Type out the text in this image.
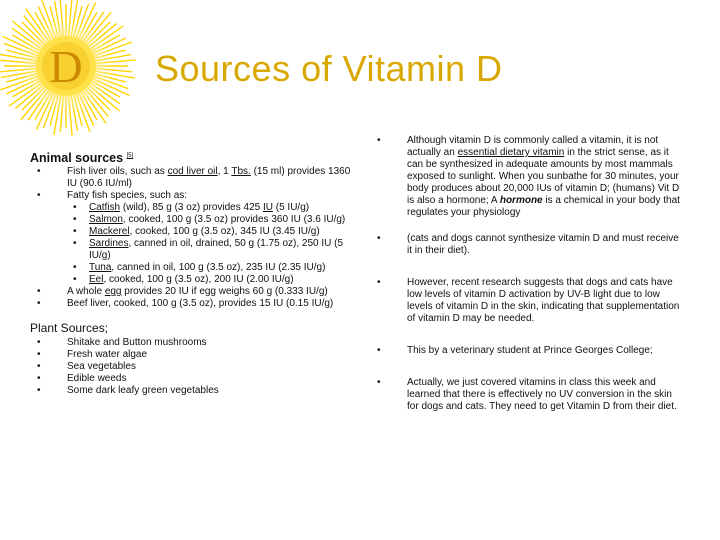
D Sources of Vitamin D
Animal sources [5]
•	Fish liver oils, such as cod liver oil, 1 Tbs. (15 ml) provides 1360 IU (90.6 IU/ml)
•	Fatty fish species, such as:
• Catfish (wild), 85 g (3 oz) provides 425 IU (5 IU/g)
• Salmon, cooked, 100 g (3.5 oz) provides 360 IU (3.6 IU/g)
• Mackerel, cooked, 100 g (3.5 oz), 345 IU (3.45 IU/g)
• Sardines, canned in oil, drained, 50 g (1.75 oz), 250 IU (5 IU/g)
• Tuna, canned in oil, 100 g (3.5 oz), 235 IU (2.35 IU/g)
• Eel, cooked, 100 g (3.5 oz), 200 IU (2.00 IU/g)
•	A whole egg provides 20 IU if egg weighs 60 g (0.333 IU/g)
•	Beef liver, cooked, 100 g (3.5 oz), provides 15 IU (0.15 IU/g)
Plant Sources;
•	Shitake and Button mushrooms
•	Fresh water algae
•	Sea vegetables
•	Edible weeds
•	Some dark leafy green vegetables
•	Although vitamin D is commonly called a vitamin, it is not actually an essential dietary vitamin in the strict sense, as it can be synthesized in adequate amounts by most mammals exposed to sunlight. When you sunbathe for 30 minutes, your body produces about 20,000 IUs of vitamin D; (humans) Vit D is also a hormone; A hormone is a chemical in your body that regulates your physiology
•	(cats and dogs cannot synthesize vitamin D and must receive it in their diet).
•	However, recent research suggests that dogs and cats have low levels of vitamin D activation by UV-B light due to low levels of vitamin D in the skin, indicating that supplementation of vitamin D may be needed.
•	This by a veterinary student at Prince Georges College;
•	Actually, we just covered vitamins in class this week and learned that there is effectively no UV conversion in the skin for dogs and cats. They need to get Vitamin D from their diet.
